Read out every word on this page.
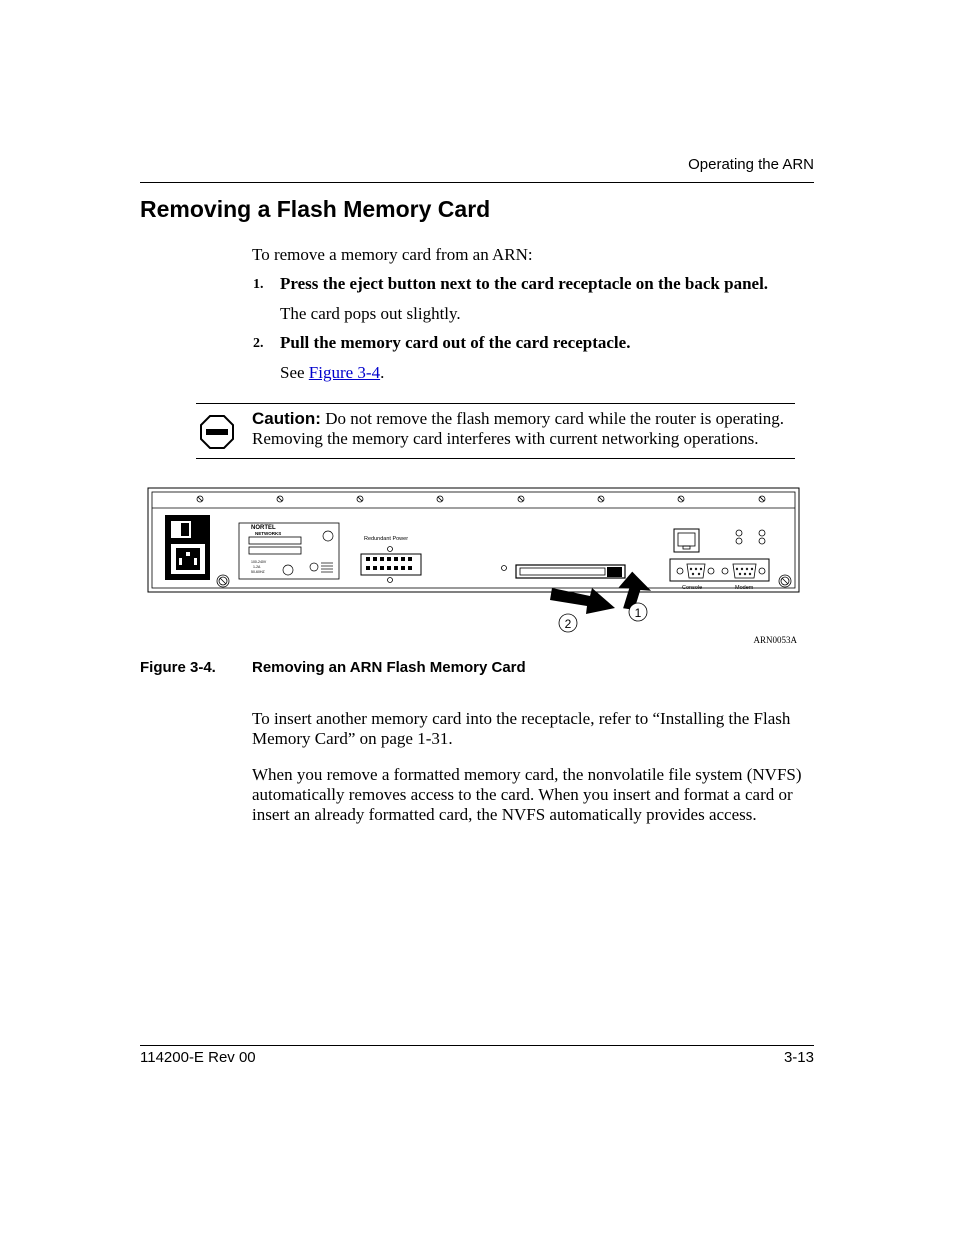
Operating the ARN
Removing a Flash Memory Card

To remove a memory card from an ARN:

1. Press the eject button next to the card receptacle on the back panel.

The card pops out slightly.

2. Pull the memory card out of the card receptacle.

See Figure 3-4.

Caution: Do not remove the flash memory card while the router is operating.

Removing the memory card interferes with current networking operations.

NORTEL
NETWORKS
100-240V
1-2A
50-60HZ
Redundant Power
1
2
Console	Modem
ARN0053A
Figure 3-4. Removing an ARN Flash Memory Card

To insert another memory card into the receptacle, refer to “Installing the Flash

Memory Card” on page 1-31.

When you remove a formatted memory card, the nonvolatile file system (NVFS)

automatically removes access to the card. When you insert and format a card or

insert an already formatted card, the NVFS automatically provides access.

114200-E Rev 00	3-13
